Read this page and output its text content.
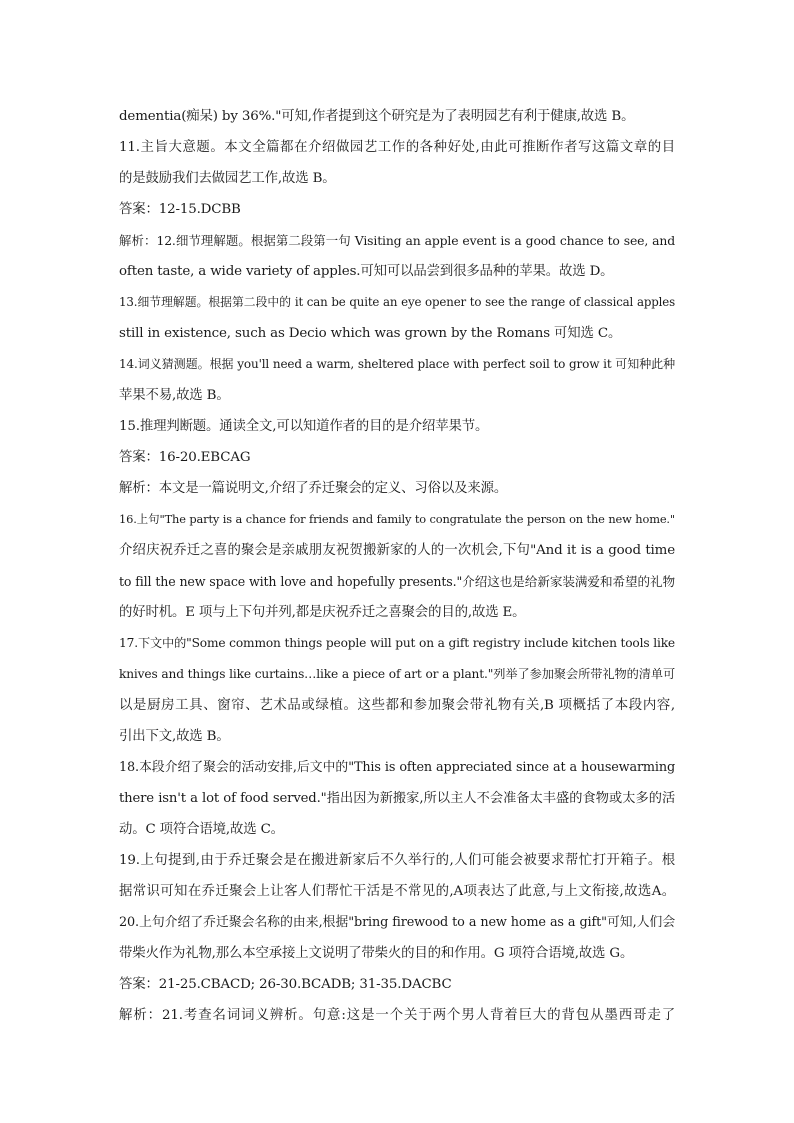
dementia(痴呆) by 36%."可知,作者提到这个研究是为了表明园艺有利于健康,故选 B。
11.主旨大意题。本文全篇都在介绍做园艺工作的各种好处,由此可推断作者写这篇文章的目
的是鼓励我们去做园艺工作,故选 B。
答案：12-15.DCBB
解析：12.细节理解题。根据第二段第一句 Visiting an apple event is a good chance to see, and
often taste, a wide variety of apples.可知可以品尝到很多品种的苹果。故选 D。
13.细节理解题。根据第二段中的 it can be quite an eye opener to see the range of classical apples
still in existence, such as Decio which was grown by the Romans 可知选 C。
14.词义猜测题。根据 you'll need a warm, sheltered place with perfect soil to grow it 可知种此种
苹果不易,故选 B。
15.推理判断题。通读全文,可以知道作者的目的是介绍苹果节。
答案：16-20.EBCAG
解析：本文是一篇说明文,介绍了乔迁聚会的定义、习俗以及来源。
16.上句"The party is a chance for friends and family to congratulate the person on the new home."
介绍庆祝乔迁之喜的聚会是亲戚朋友祝贺搬新家的人的一次机会,下句"And it is a good time
to fill the new space with love and hopefully presents."介绍这也是给新家装满爱和希望的礼物
的好时机。E 项与上下句并列,都是庆祝乔迁之喜聚会的目的,故选 E。
17.下文中的"Some common things people will put on a gift registry include kitchen tools like
knives and things like curtains…like a piece of art or a plant."列举了参加聚会所带礼物的清单可
以是厨房工具、窗帘、艺术品或绿植。这些都和参加聚会带礼物有关,B 项概括了本段内容,
引出下文,故选 B。
18.本段介绍了聚会的活动安排,后文中的"This is often appreciated since at a housewarming
there isn't a lot of food served."指出因为新搬家,所以主人不会准备太丰盛的食物或太多的活
动。C 项符合语境,故选 C。
19.上句提到,由于乔迁聚会是在搬进新家后不久举行的,人们可能会被要求帮忙打开箱子。根
据常识可知在乔迁聚会上让客人们帮忙干活是不常见的,A项表达了此意,与上文衔接,故选A。
20.上句介绍了乔迁聚会名称的由来,根据"bring firewood to a new home as a gift"可知,人们会
带柴火作为礼物,那么本空承接上文说明了带柴火的目的和作用。G 项符合语境,故选 G。
答案：21-25.CBACD; 26-30.BCADB; 31-35.DACBC
解析：21.考查名词词义辨析。句意:这是一个关于两个男人背着巨大的背包从墨西哥走了
